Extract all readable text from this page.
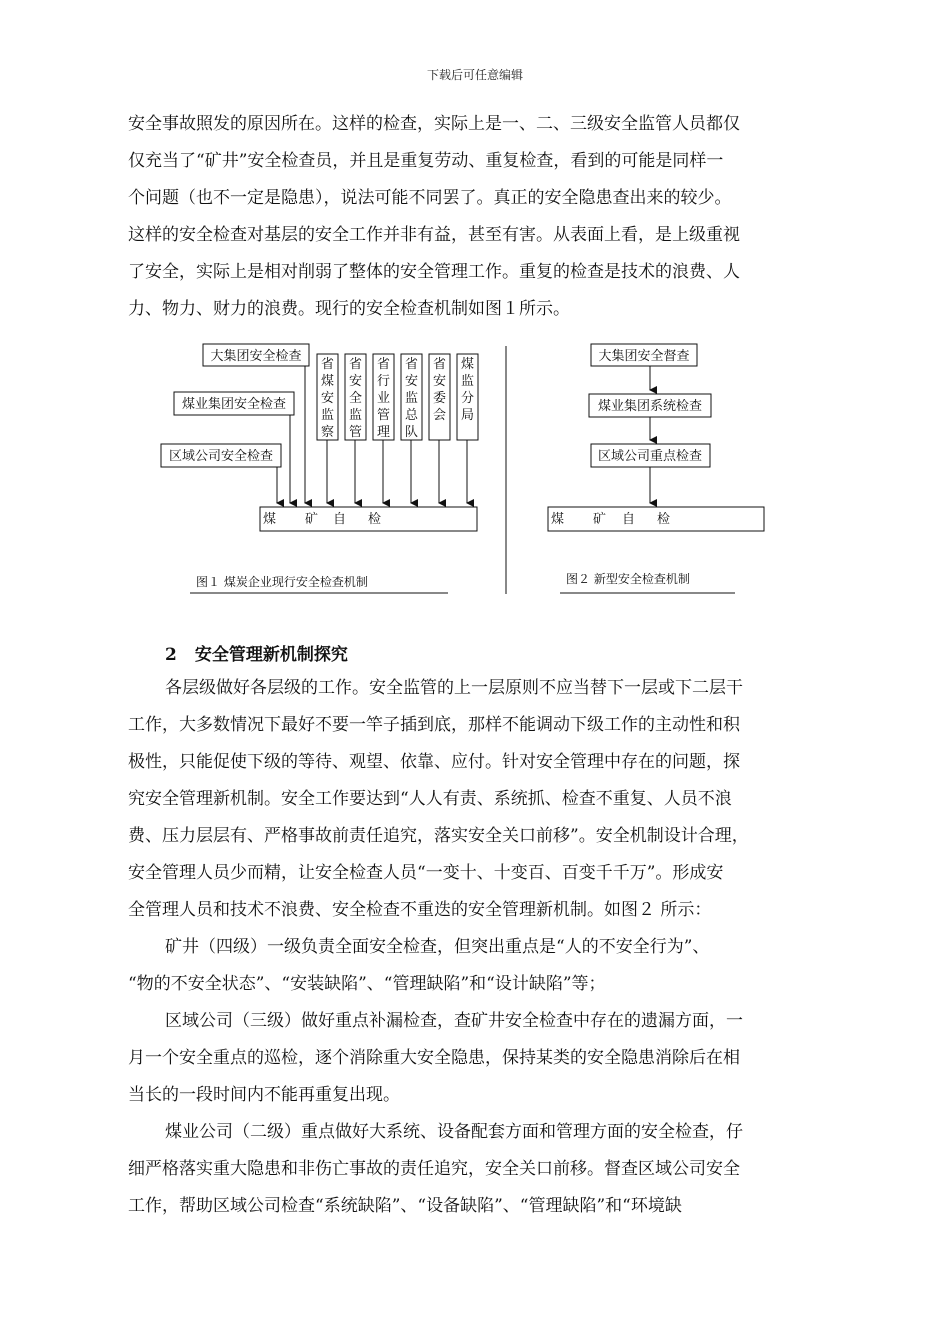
下载后可任意编辑

安全事故照发的原因所在。这样的检查，实际上是一、二、三级安全监管人员都仅

仅充当了“矿井”安全检查员，并且是重复劳动、重复检查，看到的可能是同样一

个问题（也不一定是隐患），说法可能不同罢了。真正的安全隐患查出来的较少。

这样的安全检查对基层的安全工作并非有益，甚至有害。从表面上看，是上级重视

了安全，实际上是相对削弱了整体的安全管理工作。重复的检查是技术的浪费、人

力、物力、财力的浪费。现行的安全检查机制如图１所示。

大集团安全检查
煤业集团安全检查
区域公司安全检查
省煤安监察
省安全监管
省行业管理
省安监总队
省安委会
煤监分局
煤 矿 自 检
图１ 煤炭企业现行安全检查机制
大集团安全督查
煤业集团系统检查
区域公司重点检查
煤 矿 自 检
图２ 新型安全检查机制
2 安全管理新机制探究

各层级做好各层级的工作。安全监管的上一层原则不应当替下一层或下二层干

工作，大多数情况下最好不要一竿子插到底，那样不能调动下级工作的主动性和积

极性，只能促使下级的等待、观望、依靠、应付。针对安全管理中存在的问题，探

究安全管理新机制。安全工作要达到“人人有责、系统抓、检查不重复、人员不浪

费、压力层层有、严格事故前责任追究，落实安全关口前移”。安全机制设计合理，

安全管理人员少而精，让安全检查人员“一变十、十变百、百变千千万”。形成安

全管理人员和技术不浪费、安全检查不重迭的安全管理新机制。如图２ 所示：

矿井（四级）一级负责全面安全检查，但突出重点是“人的不安全行为”、

“物的不安全状态”、“安装缺陷”、“管理缺陷”和“设计缺陷”等；

区域公司（三级）做好重点补漏检查，查矿井安全检查中存在的遗漏方面，一

月一个安全重点的巡检，逐个消除重大安全隐患，保持某类的安全隐患消除后在相

当长的一段时间内不能再重复出现。

煤业公司（二级）重点做好大系统、设备配套方面和管理方面的安全检查，仔

细严格落实重大隐患和非伤亡事故的责任追究，安全关口前移。督查区域公司安全

工作，帮助区域公司检查“系统缺陷”、“设备缺陷”、“管理缺陷”和“环境缺
